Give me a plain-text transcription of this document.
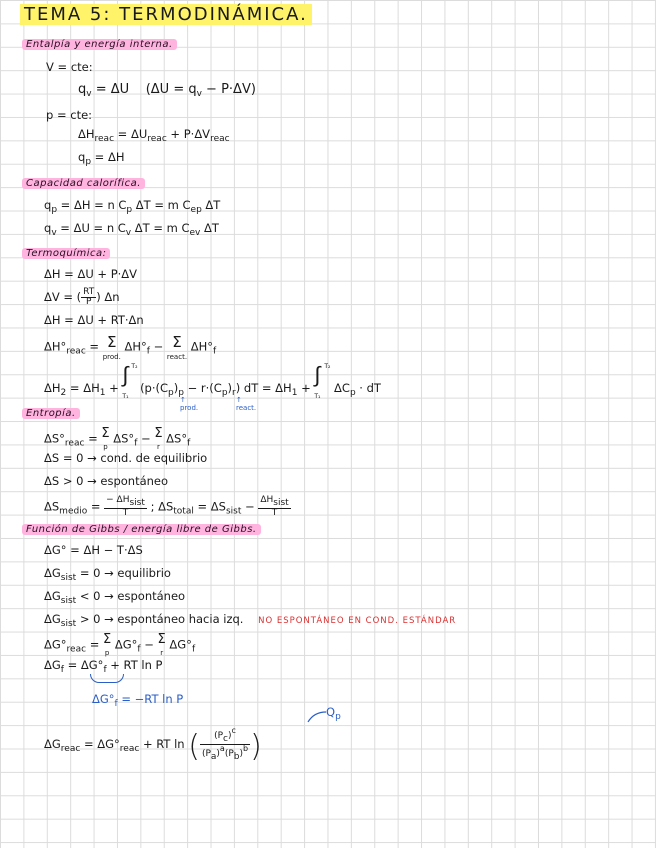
TEMA 5: TERMODINÁMICA.
Entalpía y energía interna.
V = cte:
$q_v = \Delta U$ $(\Delta U = q_v - P\cdot\Delta V)$
p = cte:
$\Delta H_{reac} = \Delta U_{reac} + P\cdot\Delta V_{reac}$
$q_p = \Delta H$
Capacidad calorífica.
$q_p = \Delta H = n$ $C_p$ ΔT = m $C_{ep}$ ΔT
$q_v = \Delta U = n$ $C_v$ ΔT = m $C_{ev}$ ΔT
Termoquímica:
ΔH = ΔU + P·ΔV
ΔV = ( $\frac{RT}{P}$ ) Δn
ΔH = ΔU + RT·Δn
$\Delta H^\circ_{reac} = \Sigma$
prod. $\Delta H^\circ_f - \Sigma$
react. $\Delta H^\circ_f$
$\Delta H_2 = \Delta H_1$ + ∫ T₂
T₁
$(p\cdot(C_p)_p - r\cdot(C_p)_r)$ dT = $\Delta H_1$ + ∫ T₂
T₁
$\Delta C_p$ · dT
↑
prod.
↑
react.
Entropía.
$\Delta S^\circ_{reac} = \Sigma$
p $\Delta S^\circ_f - \Sigma$
r $\Delta S^\circ_f$
ΔS = 0 → cond. de equilibrio
ΔS > 0 → espontáneo
$\Delta S_{medio} = \frac{\text{− ΔHsist}}{T}$ ; $\Delta S_{total} = \Delta S_{sist} - \frac{\text{ΔHsist}}{T}$
Función de Gibbs / energía libre de Gibbs.
ΔG° = ΔH − T·ΔS
$\Delta G_{sist} = 0$ → equilibrio
$\Delta G_{sist} < 0$ → espontáneo
$\Delta G_{sist} > 0$ → espontáneo hacia izq. NO ESPONTÁNEO EN COND. ESTÁNDAR
$\Delta G^\circ_{reac} = \Sigma$
p $\Delta G^\circ_f - \Sigma$
r $\Delta G^\circ_f$
$\Delta G_f = \Delta G^\circ_f$ + RT ln P
$\Delta G^\circ_f = -RT$ ln P
$\Delta G_{reac} = \Delta G^\circ_{reac}$ + RT ln ( $\frac{(Pc)c}{(Pa)a(Pb)b}$ )
$Q_p$
